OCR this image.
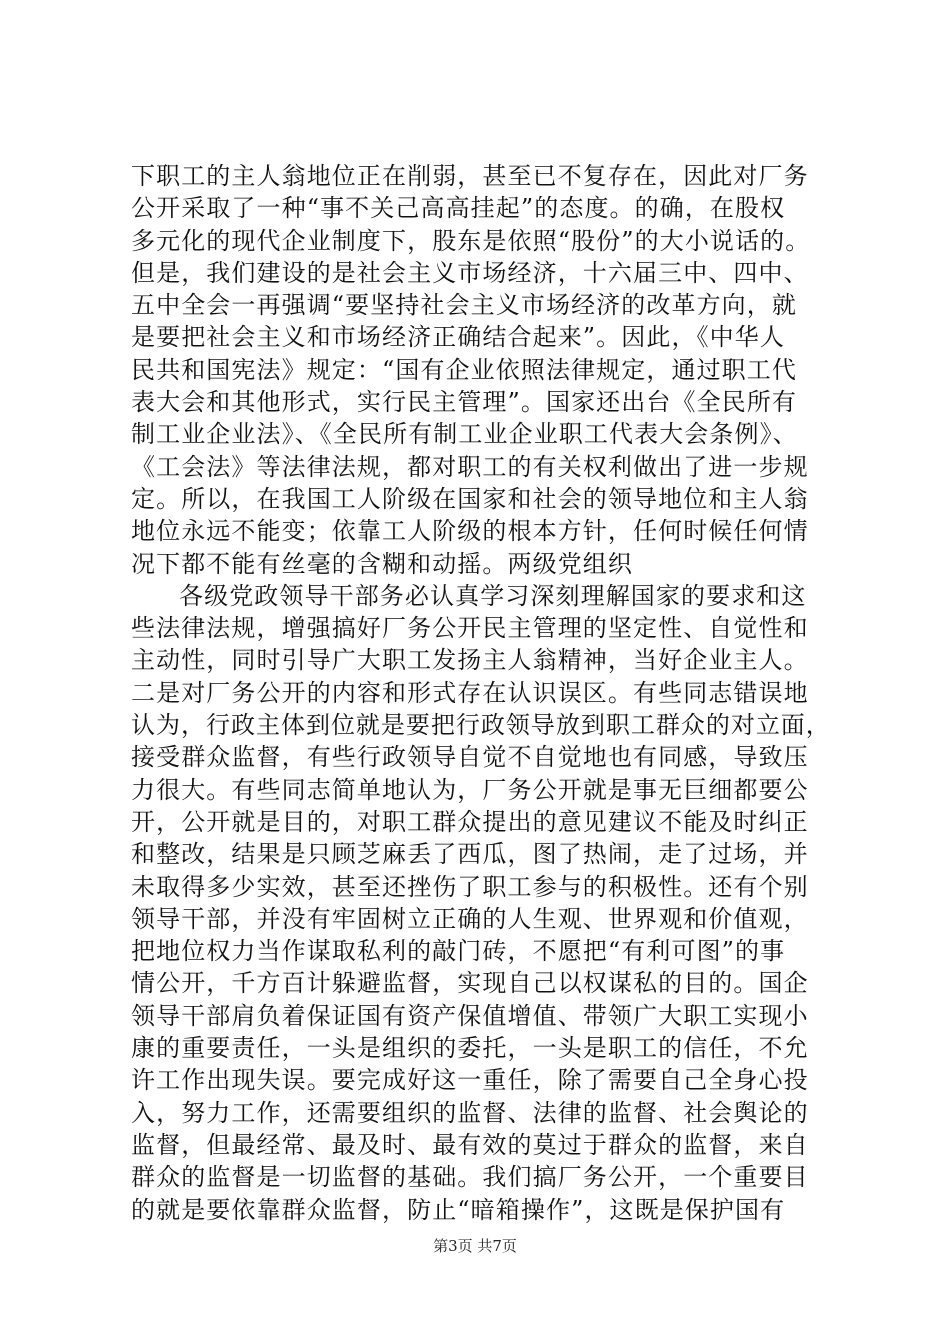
下职工的主人翁地位正在削弱，甚至已不复存在，因此对厂务
公开采取了一种“事不关己高高挂起”的态度。的确，在股权
多元化的现代企业制度下，股东是依照“股份”的大小说话的。
但是，我们建设的是社会主义市场经济，十六届三中、四中、
五中全会一再强调“要坚持社会主义市场经济的改革方向，就
是要把社会主义和市场经济正确结合起来”。因此，《中华人
民共和国宪法》规定：“国有企业依照法律规定，通过职工代
表大会和其他形式，实行民主管理”。国家还出台《全民所有
制工业企业法》、《全民所有制工业企业职工代表大会条例》、
《工会法》等法律法规，都对职工的有关权利做出了进一步规
定。所以，在我国工人阶级在国家和社会的领导地位和主人翁
地位永远不能变；依靠工人阶级的根本方针，任何时候任何情
况下都不能有丝毫的含糊和动摇。两级党组织
各级党政领导干部务必认真学习深刻理解国家的要求和这
些法律法规，增强搞好厂务公开民主管理的坚定性、自觉性和
主动性，同时引导广大职工发扬主人翁精神，当好企业主人。
二是对厂务公开的内容和形式存在认识误区。有些同志错误地
认为，行政主体到位就是要把行政领导放到职工群众的对立面，
接受群众监督，有些行政领导自觉不自觉地也有同感，导致压
力很大。有些同志简单地认为，厂务公开就是事无巨细都要公
开，公开就是目的，对职工群众提出的意见建议不能及时纠正
和整改，结果是只顾芝麻丢了西瓜，图了热闹，走了过场，并
未取得多少实效，甚至还挫伤了职工参与的积极性。还有个别
领导干部，并没有牢固树立正确的人生观、世界观和价值观，
把地位权力当作谋取私利的敲门砖，不愿把“有利可图”的事
情公开，千方百计躲避监督，实现自己以权谋私的目的。国企
领导干部肩负着保证国有资产保值增值、带领广大职工实现小
康的重要责任，一头是组织的委托，一头是职工的信任，不允
许工作出现失误。要完成好这一重任，除了需要自己全身心投
入，努力工作，还需要组织的监督、法律的监督、社会舆论的
监督，但最经常、最及时、最有效的莫过于群众的监督，来自
群众的监督是一切监督的基础。我们搞厂务公开，一个重要目
的就是要依靠群众监督，防止“暗箱操作”，这既是保护国有
第3页 共7页
